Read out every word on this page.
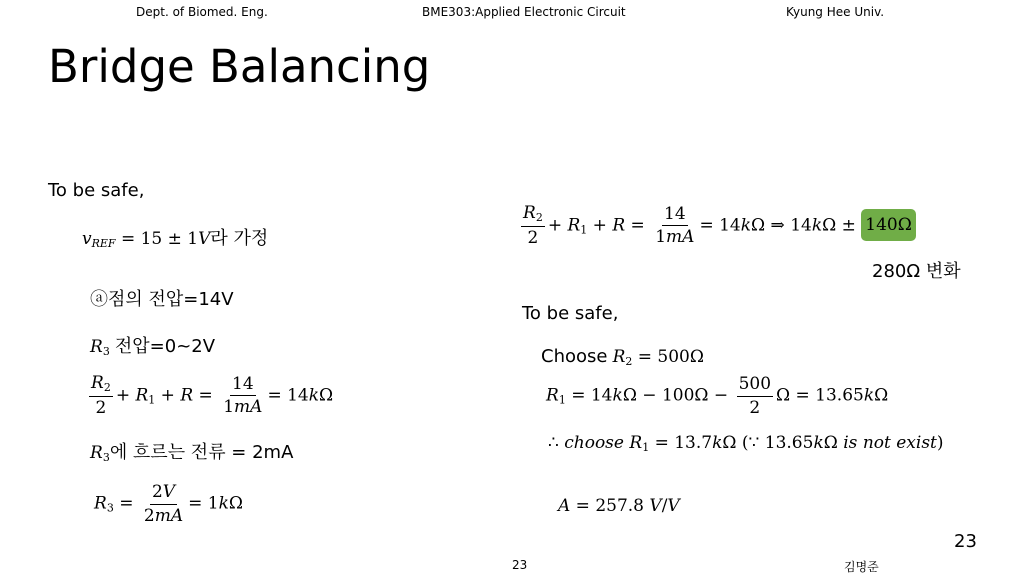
Dept. of Biomed. Eng.	BME303:Applied Electronic Circuit	Kyung Hee Univ.
Bridge Balancing
To be safe,
$v_{REF} = 15 \pm 1V$라 가정
ⓐ점의 전압=14V
$R_3$ 전압=0~2V
$\frac{R_2}{2} + R_1 + R = \frac{14}{1mA} = 14k\Omega$
$R_3$에 흐르는 전류 = 2mA
$R_3 = \frac{2V}{2mA} = 1k\Omega$
$\frac{R_2}{2} + R_1 + R = \frac{14}{1mA} = 14k\Omega$ ⇒ 14kΩ ± 140Ω
280Ω 변화
To be safe,
Choose $R_2 = 500\Omega$
$R_1 = 14k\Omega - 100\Omega - \frac{500}{2}$ Ω = 13.65kΩ
∴ choose $R_1 = 13.7k\Omega$ (∵ 13.65kΩ is not exist)
A = 257.8 V/V
23
23	김명준
